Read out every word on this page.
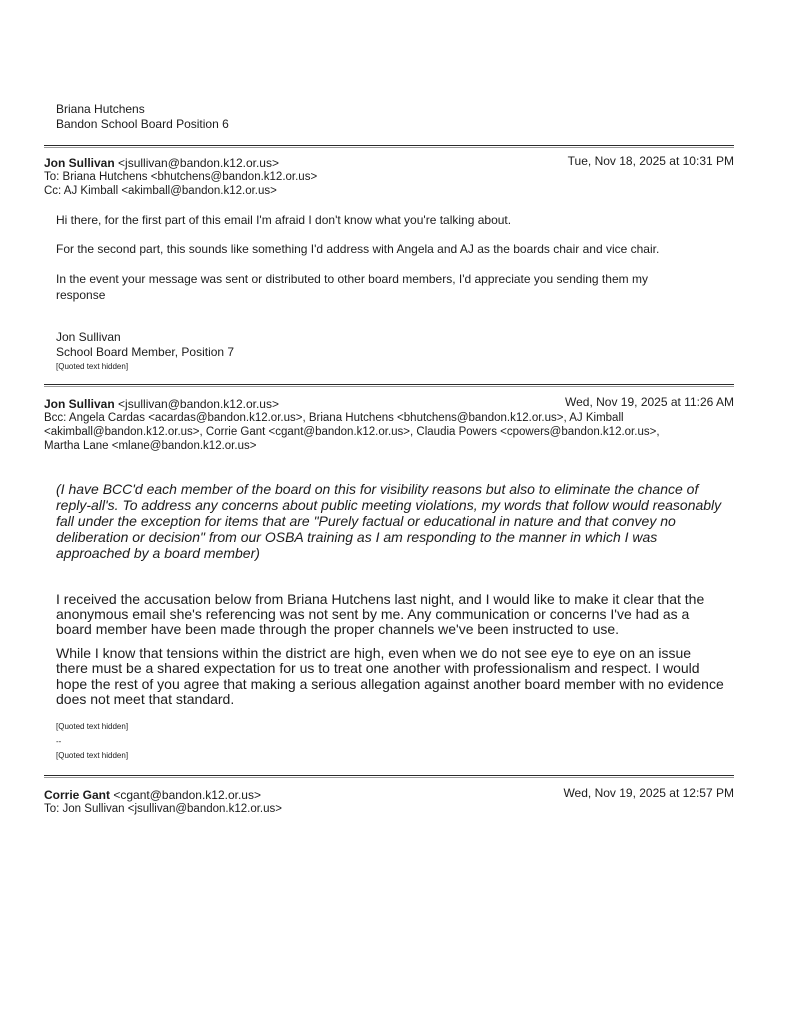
Briana Hutchens
Bandon School Board Position 6
Jon Sullivan <jsullivan@bandon.k12.or.us>	Tue, Nov 18, 2025 at 10:31 PM
To: Briana Hutchens <bhutchens@bandon.k12.or.us>
Cc: AJ Kimball <akimball@bandon.k12.or.us>
Hi there, for the first part of this email I'm afraid I don't know what you're talking about.
For the second part, this sounds like something I'd address with Angela and AJ as the boards chair and vice chair.
In the event your message was sent or distributed to other board members, I'd appreciate you sending them my response
Jon Sullivan
School Board Member, Position 7
[Quoted text hidden]
Jon Sullivan <jsullivan@bandon.k12.or.us>	Wed, Nov 19, 2025 at 11:26 AM
Bcc: Angela Cardas <acardas@bandon.k12.or.us>, Briana Hutchens <bhutchens@bandon.k12.or.us>, AJ Kimball
<akimball@bandon.k12.or.us>, Corrie Gant <cgant@bandon.k12.or.us>, Claudia Powers <cpowers@bandon.k12.or.us>,
Martha Lane <mlane@bandon.k12.or.us>
(I have BCC'd each member of the board on this for visibility reasons but also to eliminate the chance of
reply-all's. To address any concerns about public meeting violations, my words that follow would reasonably
fall under the exception for items that are "Purely factual or educational in nature and that convey no
deliberation or decision" from our OSBA training as I am responding to the manner in which I was
approached by a board member)
I received the accusation below from Briana Hutchens last night, and I would like to make it clear that the
anonymous email she's referencing was not sent by me. Any communication or concerns I've had as a
board member have been made through the proper channels we've been instructed to use.
While I know that tensions within the district are high, even when we do not see eye to eye on an issue
there must be a shared expectation for us to treat one another with professionalism and respect. I would
hope the rest of you agree that making a serious allegation against another board member with no evidence
does not meet that standard.
[Quoted text hidden]
--
[Quoted text hidden]
Corrie Gant <cgant@bandon.k12.or.us>	Wed, Nov 19, 2025 at 12:57 PM
To: Jon Sullivan <jsullivan@bandon.k12.or.us>
